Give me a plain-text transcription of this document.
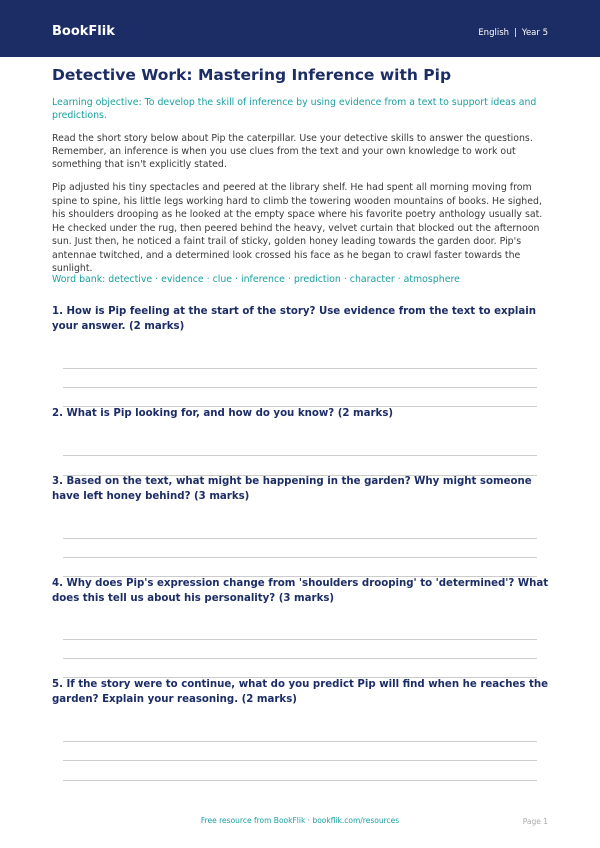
BookFlik	English | Year 5
Detective Work: Mastering Inference with Pip

Learning objective: To develop the skill of inference by using evidence from a text to support ideas and predictions.

Read the short story below about Pip the caterpillar. Use your detective skills to answer the questions. Remember, an inference is when you use clues from the text and your own knowledge to work out something that isn't explicitly stated.

Pip adjusted his tiny spectacles and peered at the library shelf. He had spent all morning moving from spine to spine, his little legs working hard to climb the towering wooden mountains of books. He sighed, his shoulders drooping as he looked at the empty space where his favorite poetry anthology usually sat. He checked under the rug, then peered behind the heavy, velvet curtain that blocked out the afternoon sun. Just then, he noticed a faint trail of sticky, golden honey leading towards the garden door. Pip's antennae twitched, and a determined look crossed his face as he began to crawl faster towards the sunlight.

Word bank: detective · evidence · clue · inference · prediction · character · atmosphere

1. How is Pip feeling at the start of the story? Use evidence from the text to explain your answer. (2 marks)
2. What is Pip looking for, and how do you know? (2 marks)
3. Based on the text, what might be happening in the garden? Why might someone have left honey behind? (3 marks)
4. Why does Pip's expression change from 'shoulders drooping' to 'determined'? What does this tell us about his personality? (3 marks)
5. If the story were to continue, what do you predict Pip will find when he reaches the garden? Explain your reasoning. (2 marks)
Free resource from BookFlik · bookflik.com/resources	Page 1
